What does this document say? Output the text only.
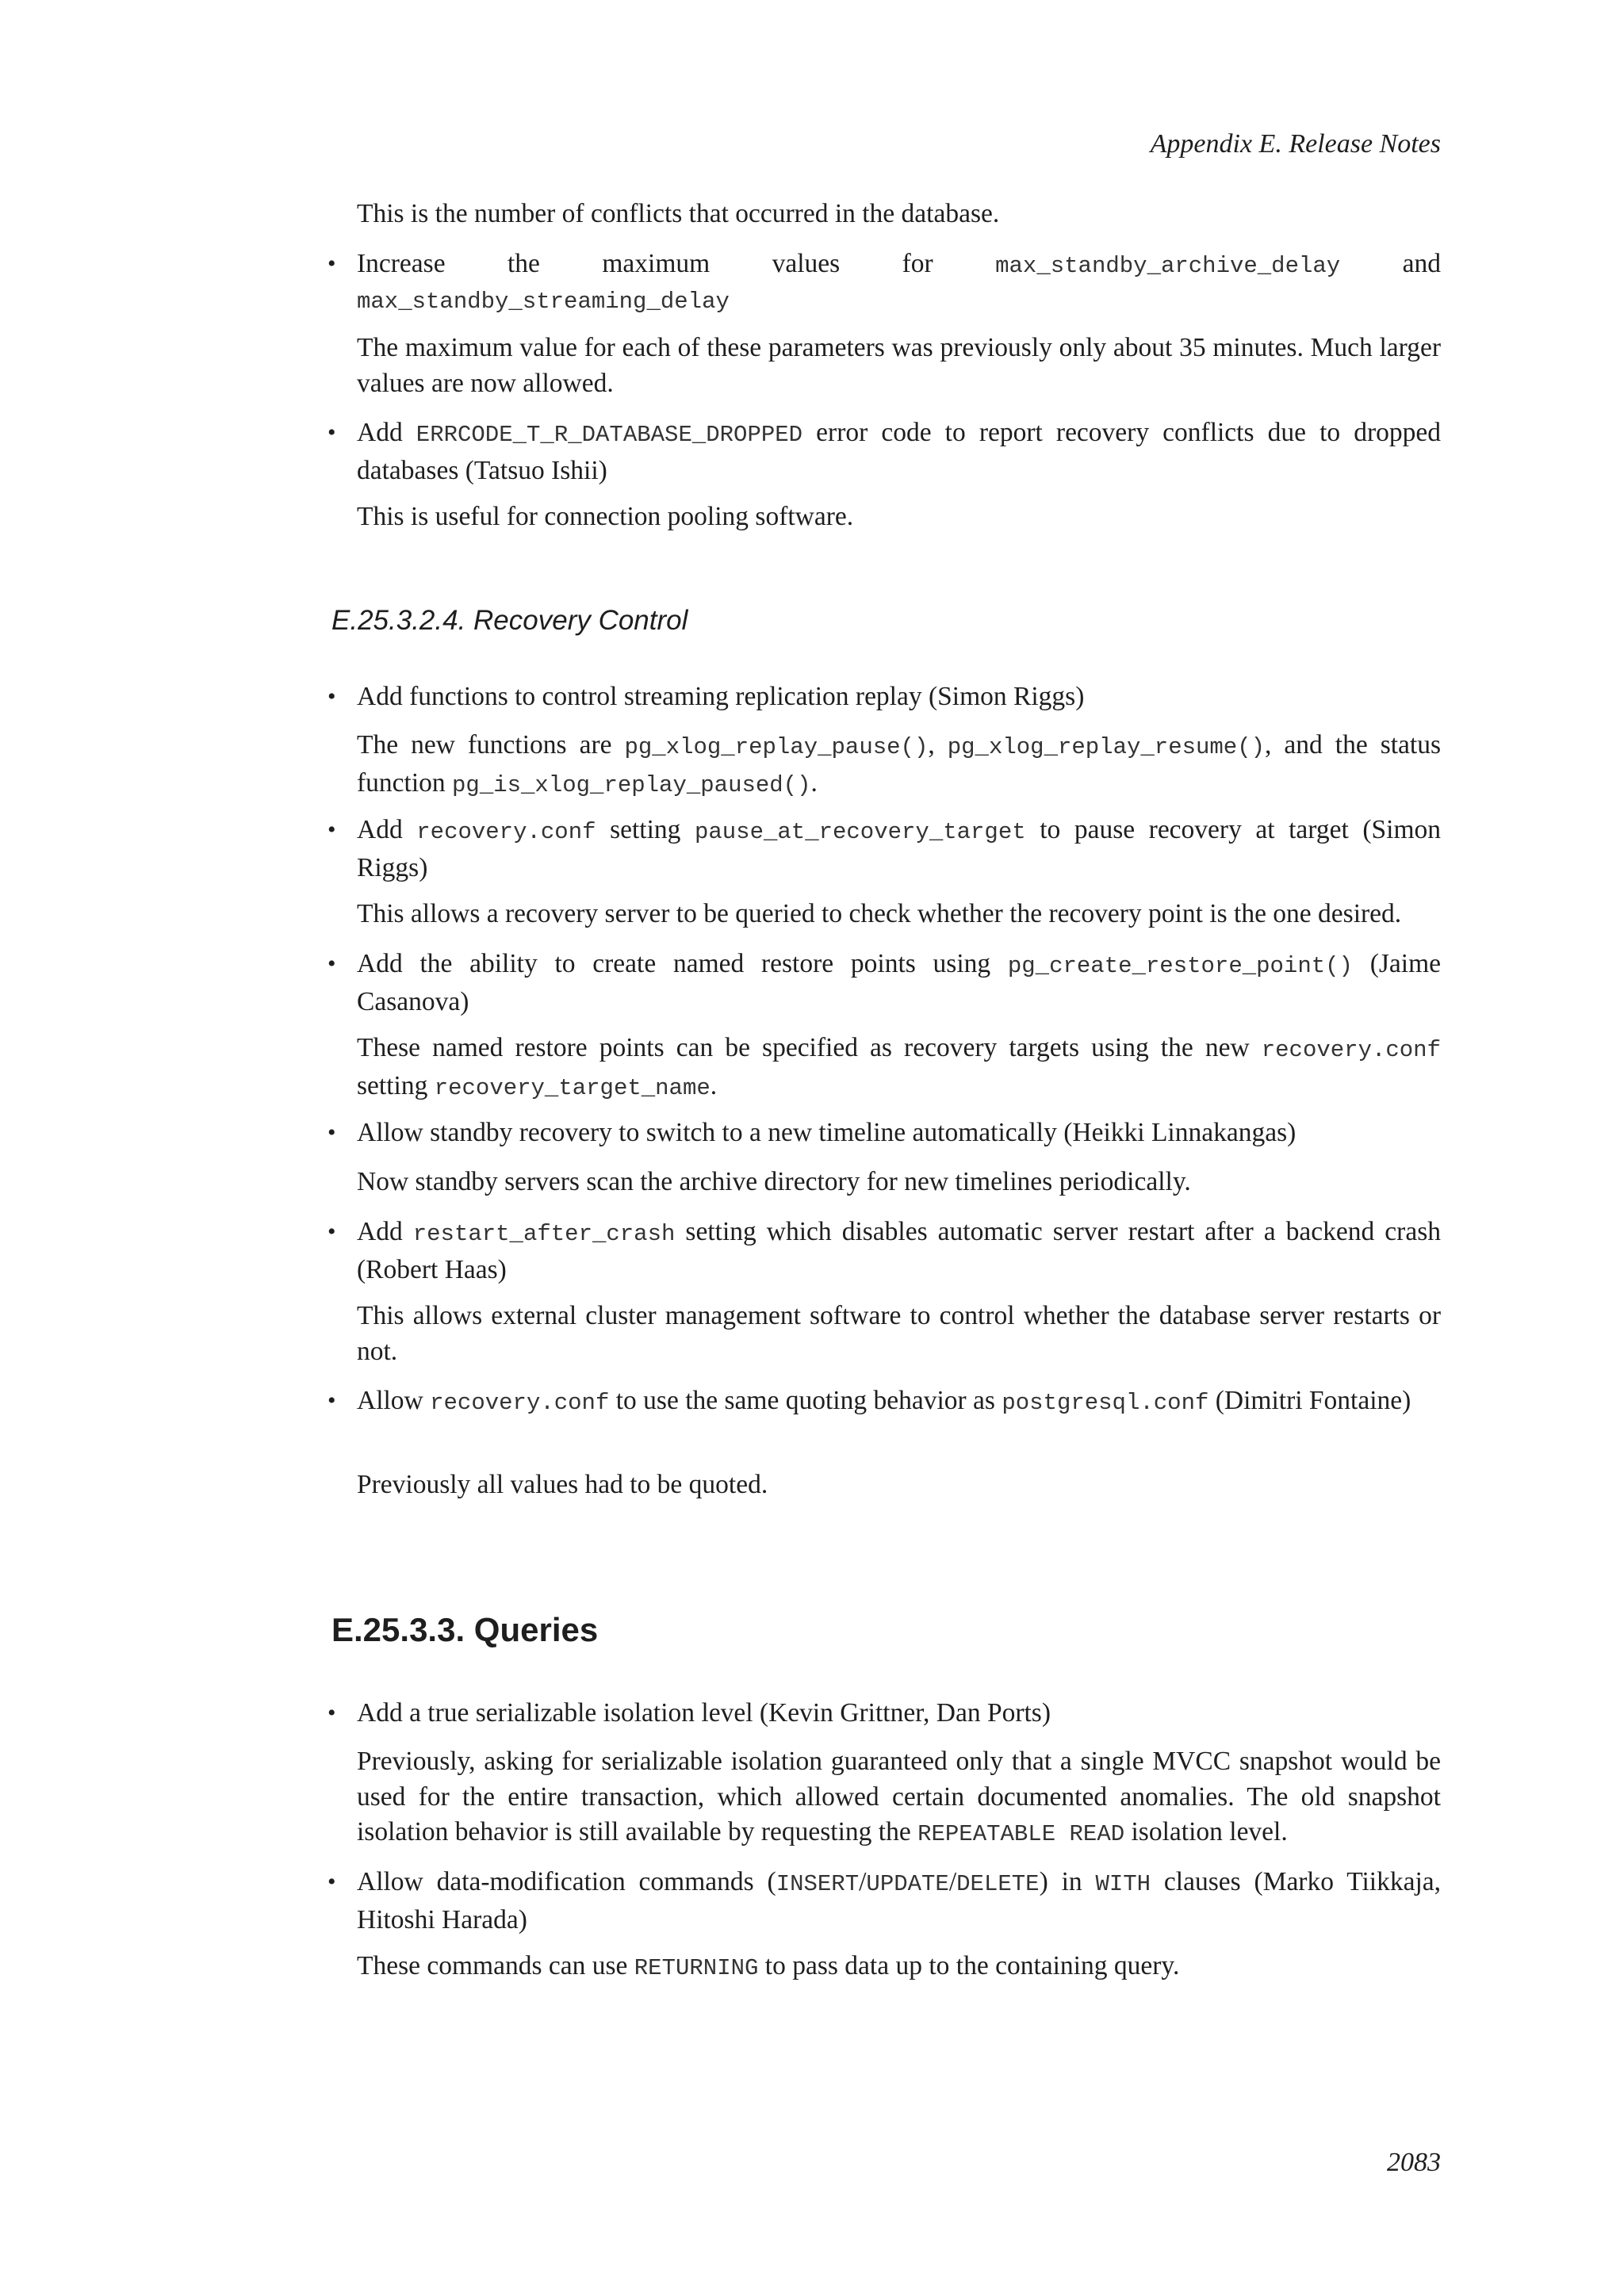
Appendix E. Release Notes
This is the number of conflicts that occurred in the database.
• Increase the maximum values for max_standby_archive_delay and
max_standby_streaming_delay
The maximum value for each of these parameters was previously only about 35 minutes. Much larger values are now allowed.
• Add ERRCODE_T_R_DATABASE_DROPPED error code to report recovery conflicts due to dropped databases (Tatsuo Ishii)
This is useful for connection pooling software.
E.25.3.2.4. Recovery Control
• Add functions to control streaming replication replay (Simon Riggs)
The new functions are pg_xlog_replay_pause(), pg_xlog_replay_resume(), and the status function pg_is_xlog_replay_paused().
• Add recovery.conf setting pause_at_recovery_target to pause recovery at target (Simon Riggs)
This allows a recovery server to be queried to check whether the recovery point is the one desired.
• Add the ability to create named restore points using pg_create_restore_point() (Jaime Casanova)
These named restore points can be specified as recovery targets using the new recovery.conf setting recovery_target_name.
• Allow standby recovery to switch to a new timeline automatically (Heikki Linnakangas)
Now standby servers scan the archive directory for new timelines periodically.
• Add restart_after_crash setting which disables automatic server restart after a backend crash (Robert Haas)
This allows external cluster management software to control whether the database server restarts or not.
• Allow recovery.conf to use the same quoting behavior as postgresql.conf (Dimitri Fontaine)
Previously all values had to be quoted.
E.25.3.3. Queries
• Add a true serializable isolation level (Kevin Grittner, Dan Ports)
Previously, asking for serializable isolation guaranteed only that a single MVCC snapshot would be used for the entire transaction, which allowed certain documented anomalies. The old snapshot isolation behavior is still available by requesting the REPEATABLE READ isolation level.
• Allow data-modification commands (INSERT/UPDATE/DELETE) in WITH clauses (Marko Tiikkaja, Hitoshi Harada)
These commands can use RETURNING to pass data up to the containing query.
2083
